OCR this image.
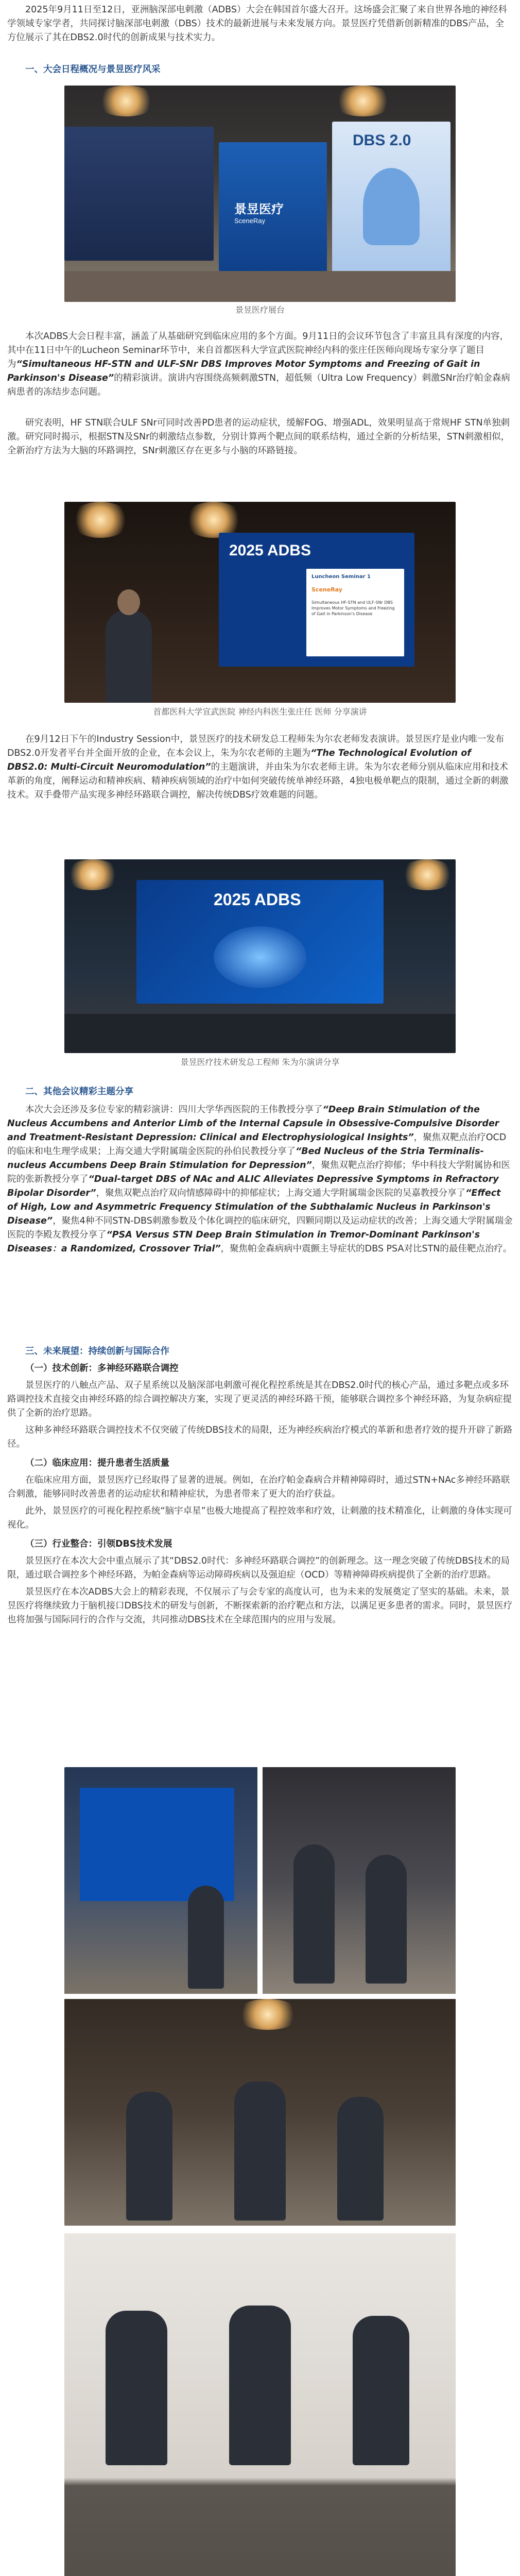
2025年9月11日至12日，亚洲脑深部电刺激（ADBS）大会在韩国首尔盛大召开。这场盛会汇聚了来自世界各地的神经科学领域专家学者，共同探讨脑深部电刺激（DBS）技术的最新进展与未来发展方向。景昱医疗凭借新创新精准的DBS产品，全方位展示了其在DBS2.0时代的创新成果与技术实力。

一、大会日程概况与景昱医疗风采
景昱医疗
SceneRay
DBS 2.0
景昱医疗展台

本次ADBS大会日程丰富，涵盖了从基础研究到临床应用的多个方面。9月11日的会议环节包含了丰富且具有深度的内容，其中在11日中午的Lucheon Seminar环节中，来自首都医科大学宣武医院神经内科的张庄任医师向现场专家分享了题目为“Simultaneous HF-STN and ULF-SNr DBS Improves Motor Symptoms and Freezing of Gait in Parkinson's Disease”的精彩演讲。演讲内容围绕高频刺激STN，超低频（Ultra Low Frequency）刺激SNr治疗帕金森病病患者的冻结步态问题。

研究表明，HF STN联合ULF SNr可同时改善PD患者的运动症状，缓解FOG、增强ADL，效果明显高于常规HF STN单独刺激。研究同时揭示，根据STN及SNr的刺激结点参数，分别计算两个靶点间的联系结构，通过全新的分析结果，STN刺激相似，全新治疗方法为大脑的环路调控，SNr刺激区存在更多与小脑的环路链接。

2025 ADBS
Luncheon Seminar 1
SceneRay
Simultaneous HF-STN and ULF-SNr DBS Improves Motor Symptoms and Freezing of Gait in Parkinson's Disease
首都医科大学宣武医院 神经内科医生张庄任 医师 分享演讲

在9月12日下午的Industry Session中，景昱医疗的技术研发总工程师朱为尔农老师发表演讲。景昱医疗是业内唯一发布DBS2.0开发者平台并全面开放的企业，在本会议上，朱为尔农老师的主题为“The Technological Evolution of DBS2.0: Multi-Circuit Neuromodulation”的主题演讲，并由朱为尔农老师主讲。朱为尔农老师分别从临床应用和技术革新的角度，阐释运动和精神疾病、精神疾病领域的治疗中如何突破传统单神经环路，4独电极单靶点的限制，通过全新的刺激技术。双手叠带产品实现多神经环路联合调控，解决传统DBS疗效难题的问题。

2025 ADBS
景昱医疗技术研发总工程师 朱为尔演讲分享
二、其他会议精彩主题分享

本次大会还涉及多位专家的精彩演讲：四川大学华西医院的王伟教授分享了“Deep Brain Stimulation of the Nucleus Accumbens and Anterior Limb of the Internal Capsule in Obsessive-Compulsive Disorder and Treatment-Resistant Depression: Clinical and Electrophysiological Insights”，聚焦双靶点治疗OCD的临床和电生理学成果；上海交通大学附属瑞金医院的孙伯民教授分享了“Bed Nucleus of the Stria Terminalis-nucleus Accumbens Deep Brain Stimulation for Depression”，聚焦双靶点治疗抑郁；华中科技大学附属协和医院的张新教授分享了“Dual-target DBS of NAc and ALIC Alleviates Depressive Symptoms in Refractory Bipolar Disorder”，聚焦双靶点治疗双向情感障碍中的抑郁症状；上海交通大学附属瑞金医院的吴嘉教授分享了“Effect of High, Low and Asymmetric Frequency Stimulation of the Subthalamic Nucleus in Parkinson's Disease”，聚焦4种不同STN-DBS刺激参数及个体化调控的临床研究，四颗同期以及运动症状的改善；上海交通大学附属瑞金医院的李殿友教授分享了“PSA Versus STN Deep Brain Stimulation in Tremor-Dominant Parkinson's Diseases：a Randomized, Crossover Trial”，聚焦帕金森病病中震颤主导症状的DBS PSA对比STN的最佳靶点治疗。

三、未来展望：持续创新与国际合作
（一）技术创新：多神经环路联合调控

景昱医疗的八触点产品、双子星系统以及脑深部电刺激可视化程控系统是其在DBS2.0时代的核心产品，通过多靶点或多环路调控技术直接交由神经环路的综合调控解决方案，实现了更灵活的神经环路干预，能够联合调控多个神经环路，为复杂病症提供了全新的治疗思路。

这种多神经环路联合调控技术不仅突破了传统DBS技术的局限，还为神经疾病治疗模式的革新和患者疗效的提升开辟了新路径。

（二）临床应用：提升患者生活质量

在临床应用方面，景昱医疗已经取得了显著的进展。例如，在治疗帕金森病合并精神障碍时，通过STN+NAc多神经环路联合刺激，能够同时改善患者的运动症状和精神症状，为患者带来了更大的治疗获益。

此外，景昱医疗的可视化程控系统“脑宇卓星”也极大地提高了程控效率和疗效，让刺激的技术精准化，让刺激的身体实现可视化。

（三）行业整合：引领DBS技术发展

景昱医疗在本次大会中重点展示了其“DBS2.0时代：多神经环路联合调控”的创新理念。这一理念突破了传统DBS技术的局限，通过联合调控多个神经环路，为帕金森病等运动障碍疾病以及强迫症（OCD）等精神障碍疾病提供了全新的治疗思路。

景昱医疗在本次ADBS大会上的精彩表现，不仅展示了与会专家的高度认可，也为未来的发展奠定了坚实的基础。未来，景昱医疗将继续致力于脑机接口DBS技术的研发与创新，不断探索新的治疗靶点和方法，以满足更多患者的需求。同时，景昱医疗也将加强与国际同行的合作与交流，共同推动DBS技术在全球范围内的应用与发展。
